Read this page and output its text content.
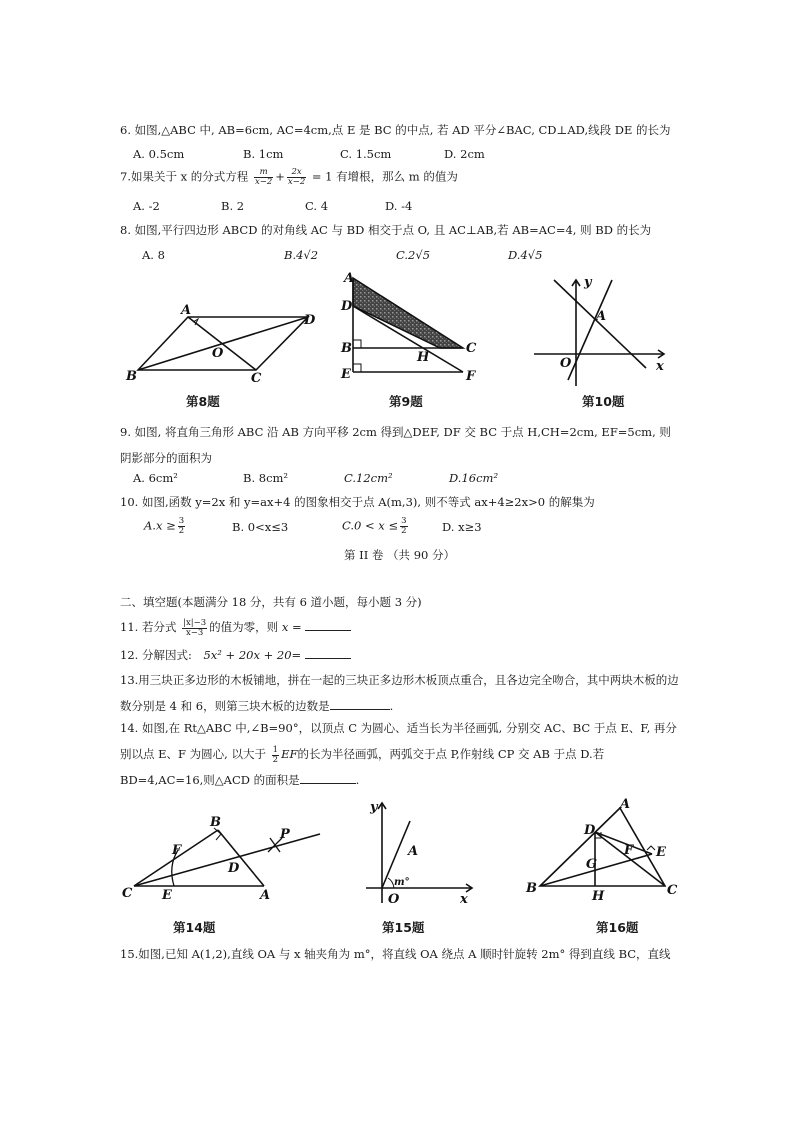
6. 如图,△ABC 中, AB=6cm, AC=4cm,点 E 是 BC 的中点, 若 AD 平分∠BAC, CD⊥AD,线段 DE 的长为
A. 0.5cm	B. 1cm	C. 1.5cm	D. 2cm
7.如果关于 x 的分式方程 $\frac{m}{x-2} + \frac{2x}{x-2} = 1$ 有增根，那么 m 的值为
A. -2	B. 2	C. 4	D. -4
8. 如图,平行四边形 ABCD 的对角线 AC 与 BD 相交于点 O, 且 AC⊥AB,若 AB=AC=4, 则 BD 的长为
A. 8	B.4√2	C.2√5	D.4√5
A
D
O
B	C
第8题
A
D
B
H
C
E	F
第9题
y
A
O	x
第10题
9. 如图, 将直角三角形 ABC 沿 AB 方向平移 2cm 得到△DEF, DF 交 BC 于点 H,CH=2cm, EF=5cm, 则阴影部分的面积为
A. 6cm²	B. 8cm²	C.12cm²	D.16cm²
10. 如图,函数 y=2x 和 y=ax+4 的图象相交于点 A(m,3), 则不等式 ax+4≥2x>0 的解集为
$A.x \ge \frac{3}{2}$	B. 0<x≤3	$C.0 < x \le \frac{3}{2}$	D. x≥3
第 II 卷 （共 90 分）
二、填空题(本题满分 18 分，共有 6 道小题，每小题 3 分)
11. 若分式 $\frac{|x|-3}{x-3}$ 的值为零，则 x =
12. 分解因式: 5x² + 20x + 20=
13.用三块正多边形的木板铺地，拼在一起的三块正多边形木板顶点重合，且各边完全吻合，其中两块木板的边数分别是 4 和 6，则第三块木板的边数是	.
14. 如图,在 Rt△ABC 中,∠B=90°，以顶点 C 为圆心、适当长为半径画弧, 分别交 AC、BC 于点 E、F, 再分别以点 E、F 为圆心, 以大于 $\frac{1}{2}$ EF的长为半径画弧，两弧交于点 P,作射线 CP 交 AB 于点 D.若 BD=4,AC=16,则△ACD 的面积是	.
B
P
F
D
C E	A
第14题
y
A
m°
O	x
第15题
A
D
E
F
G
B
H	C
第16题
15.如图,已知 A(1,2),直线 OA 与 x 轴夹角为 m°，将直线 OA 绕点 A 顺时针旋转 2m° 得到直线 BC，直线
